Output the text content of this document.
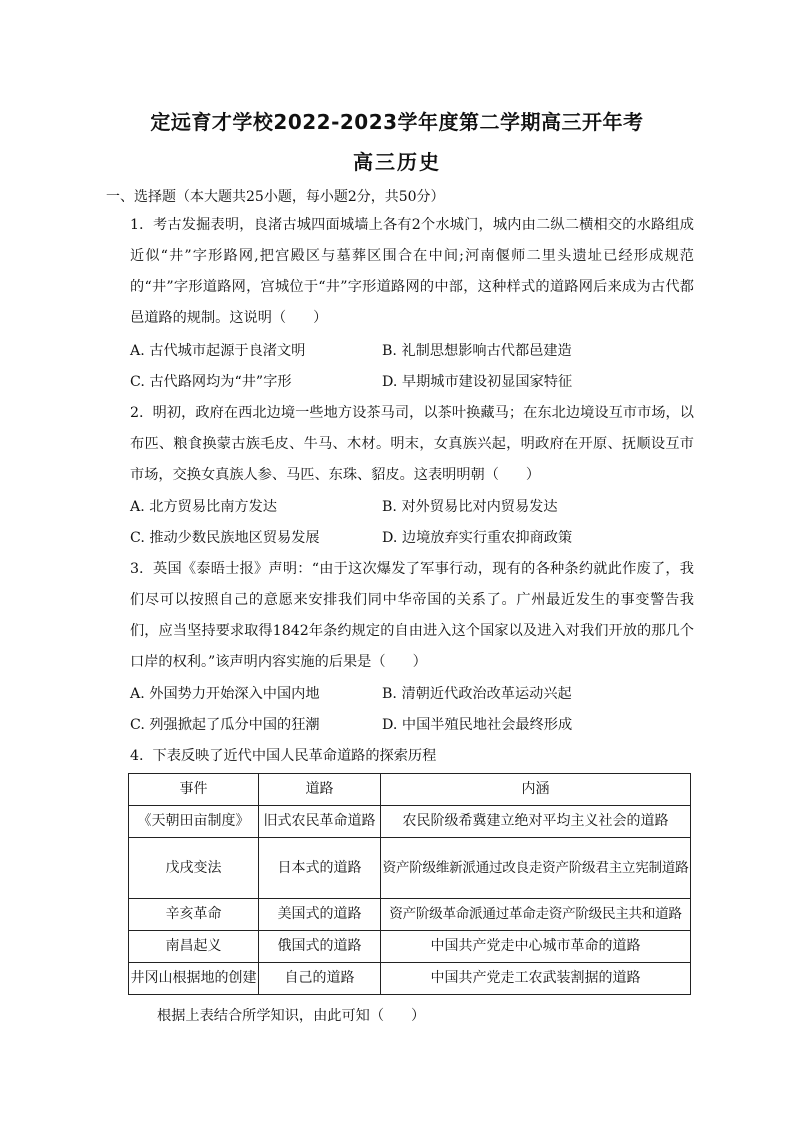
定远育才学校2022-2023学年度第二学期高三开年考
高三历史
一、选择题（本大题共25小题，每小题2分，共50分）
1.  考古发掘表明，良渚古城四面城墙上各有2个水城门，城内由二纵二横相交的水路组成近似“井”字形路网,把宫殿区与墓葬区围合在中间;河南偃师二里头遗址已经形成规范的“井”字形道路网，宫城位于“井”字形道路网的中部，这种样式的道路网后来成为古代都邑道路的规制。这说明（      ）
A. 古代城市起源于良渚文明	B. 礼制思想影响古代都邑建造
C. 古代路网均为“井”字形	D. 早期城市建设初显国家特征
2.  明初，政府在西北边境一些地方设茶马司，以茶叶换藏马；在东北边境设互市市场，以布匹、粮食换蒙古族毛皮、牛马、木材。明末，女真族兴起，明政府在开原、抚顺设互市市场，交换女真族人参、马匹、东珠、貂皮。这表明明朝（      ）
A. 北方贸易比南方发达	B. 对外贸易比对内贸易发达
C. 推动少数民族地区贸易发展	D. 边境放弃实行重农抑商政策
3.  英国《泰晤士报》声明：“由于这次爆发了军事行动，现有的各种条约就此作废了，我们尽可以按照自己的意愿来安排我们同中华帝国的关系了。广州最近发生的事变警告我们，应当坚持要求取得1842年条约规定的自由进入这个国家以及进入对我们开放的那几个口岸的权利。”该声明内容实施的后果是（      ）
A. 外国势力开始深入中国内地	B. 清朝近代政治改革运动兴起
C. 列强掀起了瓜分中国的狂潮	D. 中国半殖民地社会最终形成
4.  下表反映了近代中国人民革命道路的探索历程
事件	道路	内涵
《天朝田亩制度》	旧式农民革命道路	农民阶级希冀建立绝对平均主义社会的道路
戊戌变法	日本式的道路	资产阶级维新派通过改良走资产阶级君主立宪制道路
辛亥革命	美国式的道路	资产阶级革命派通过革命走资产阶级民主共和道路
南昌起义	俄国式的道路	中国共产党走中心城市革命的道路
井冈山根据地的创建	自己的道路	中国共产党走工农武装割据的道路
根据上表结合所学知识，由此可知（      ）
